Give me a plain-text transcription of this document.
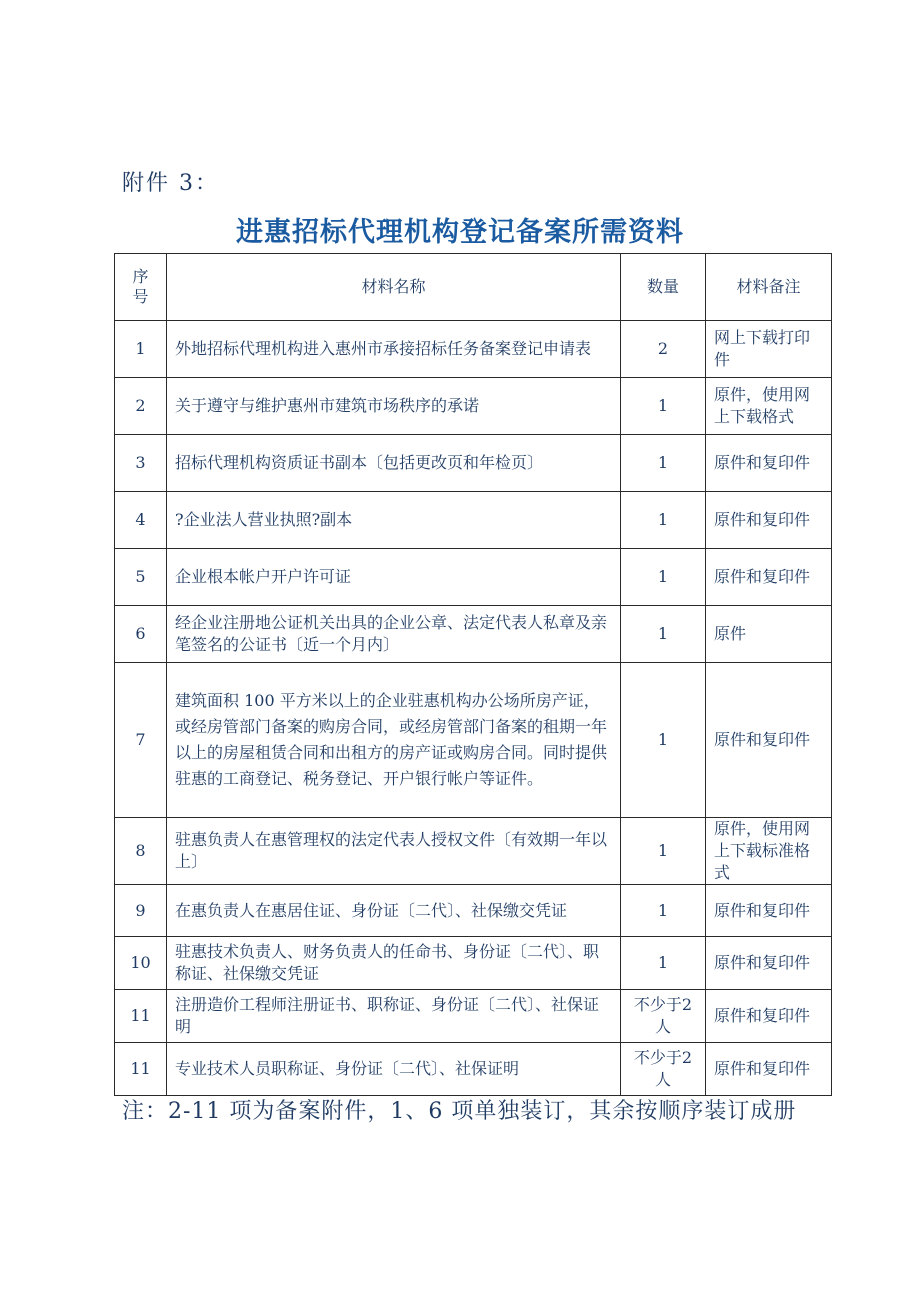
附件 3：
进惠招标代理机构登记备案所需资料
序
号	材料名称	数量	材料备注
1	外地招标代理机构进入惠州市承接招标任务备案登记申请表	2	网上下载打印件
2	关于遵守与维护惠州市建筑市场秩序的承诺	1	原件，使用网上下载格式
3	招标代理机构资质证书副本〔包括更改页和年检页〕	1	原件和复印件
4	?企业法人营业执照?副本	1	原件和复印件
5	企业根本帐户开户许可证	1	原件和复印件
6	经企业注册地公证机关出具的企业公章、法定代表人私章及亲笔签名的公证书〔近一个月内〕	1	原件
7	建筑面积 100 平方米以上的企业驻惠机构办公场所房产证，或经房管部门备案的购房合同，或经房管部门备案的租期一年以上的房屋租赁合同和出租方的房产证或购房合同。同时提供驻惠的工商登记、税务登记、开户银行帐户等证件。	1	原件和复印件
8	驻惠负责人在惠管理权的法定代表人授权文件〔有效期一年以上〕	1	原件，使用网上下载标准格式
9	在惠负责人在惠居住证、身份证〔二代〕、社保缴交凭证	1	原件和复印件
10	驻惠技术负责人、财务负责人的任命书、身份证〔二代〕、职称证、社保缴交凭证	1	原件和复印件
11	注册造价工程师注册证书、职称证、身份证〔二代〕、社保证明	不少于2人	原件和复印件
11	专业技术人员职称证、身份证〔二代〕、社保证明	不少于2人	原件和复印件
注：2-11 项为备案附件，1、6 项单独装订，其余按顺序装订成册
